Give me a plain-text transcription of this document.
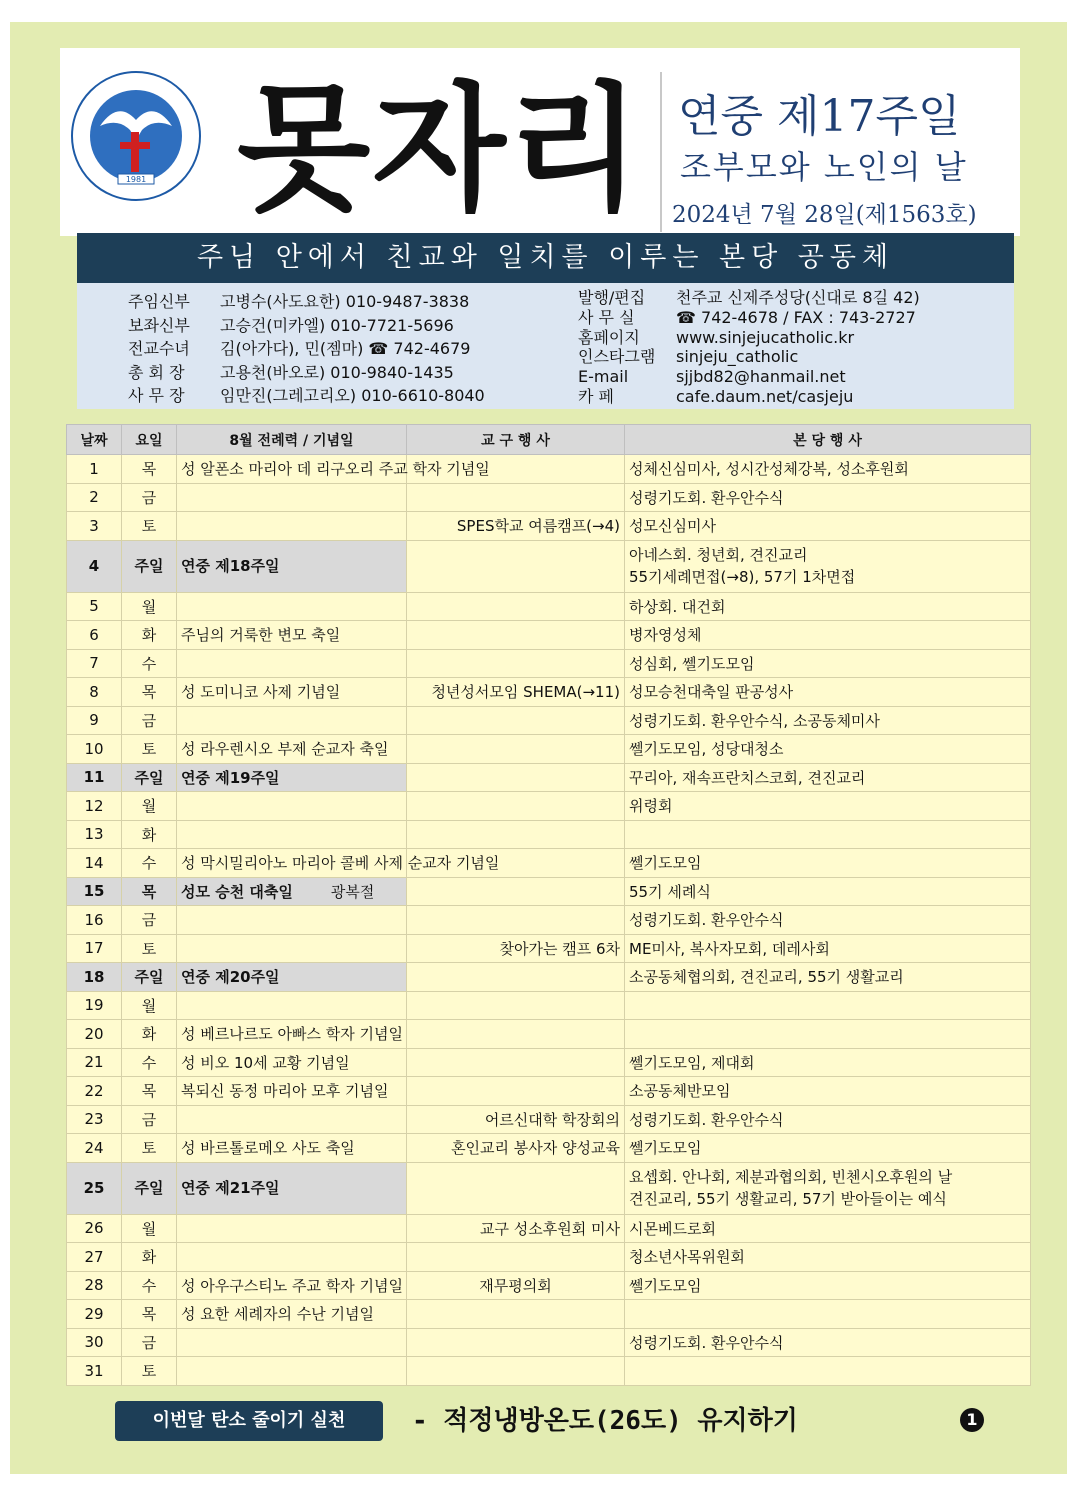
1981 못자리 연중 제17주일
조부모와 노인의 날
2024년 7월 28일(제1563호)
주님 안에서 친교와 일치를 이루는 본당 공동체
주임신부	고병수(사도요한) 010-9487-3838
보좌신부	고승건(미카엘) 010-7721-5696
전교수녀	김(아가다), 민(젬마) ☎ 742-4679
총 회 장	고용천(바오로) 010-9840-1435
사 무 장	임만진(그레고리오) 010-6610-8040
발행/편집	천주교 신제주성당(신대로 8길 42)
사 무 실	☎ 742-4678 / FAX : 743-2727
홈페이지	www.sinjejucatholic.kr
인스타그램	sinjeju_catholic
E-mail	sjjbd82@hanmail.net
카 페	cafe.daum.net/casjeju
날짜	요일	8월 전례력 / 기념일	교 구 행 사	본 당 행 사
1	목	성 알폰소 마리아 데 리구오리 주교 학자 기념일		성체신심미사, 성시간성체강복, 성소후원회

2	금			성령기도회. 환우안수식

3	토		SPES학교 여름캠프(→4)	성모신심미사

4	주일	연중 제18주일		아네스회. 청년회, 견진교리
55기세례면접(→8), 57기 1차면접

5	월			하상회. 대건회

6	화	주님의 거룩한 변모 축일		병자영성체

7	수			성심회, 쎌기도모임

8	목	성 도미니코 사제 기념일	청년성서모임 SHEMA(→11)	성모승천대축일 판공성사

9	금			성령기도회. 환우안수식, 소공동체미사

10	토	성 라우렌시오 부제 순교자 축일		쎌기도모임, 성당대청소

11	주일	연중 제19주일		꾸리아, 재속프란치스코회, 견진교리

12	월			위령회

13	화			

14	수	성 막시밀리아노 마리아 콜베 사제 순교자 기념일		쎌기도모임

15	목	성모 승천 대축일 광복절		55기 세례식

16	금			성령기도회. 환우안수식

17	토		찾아가는 캠프 6차	ME미사, 복사자모회, 데레사회

18	주일	연중 제20주일		소공동체협의회, 견진교리, 55기 생활교리

19	월			

20	화	성 베르나르도 아빠스 학자 기념일		

21	수	성 비오 10세 교황 기념일		쎌기도모임, 제대회

22	목	복되신 동정 마리아 모후 기념일		소공동체반모임

23	금		어르신대학 학장회의	성령기도회. 환우안수식

24	토	성 바르톨로메오 사도 축일	혼인교리 봉사자 양성교육	쎌기도모임

25	주일	연중 제21주일		요셉회. 안나회, 제분과협의회, 빈첸시오후원의 날
견진교리, 55기 생활교리, 57기 받아들이는 예식

26	월		교구 성소후원회 미사	시몬베드로회

27	화			청소년사목위원회

28	수	성 아우구스티노 주교 학자 기념일	재무평의회	쎌기도모임

29	목	성 요한 세례자의 수난 기념일		

30	금			성령기도회. 환우안수식

31	토			
이번달 탄소 줄이기 실천	- 적정냉방온도(26도) 유지하기	1
